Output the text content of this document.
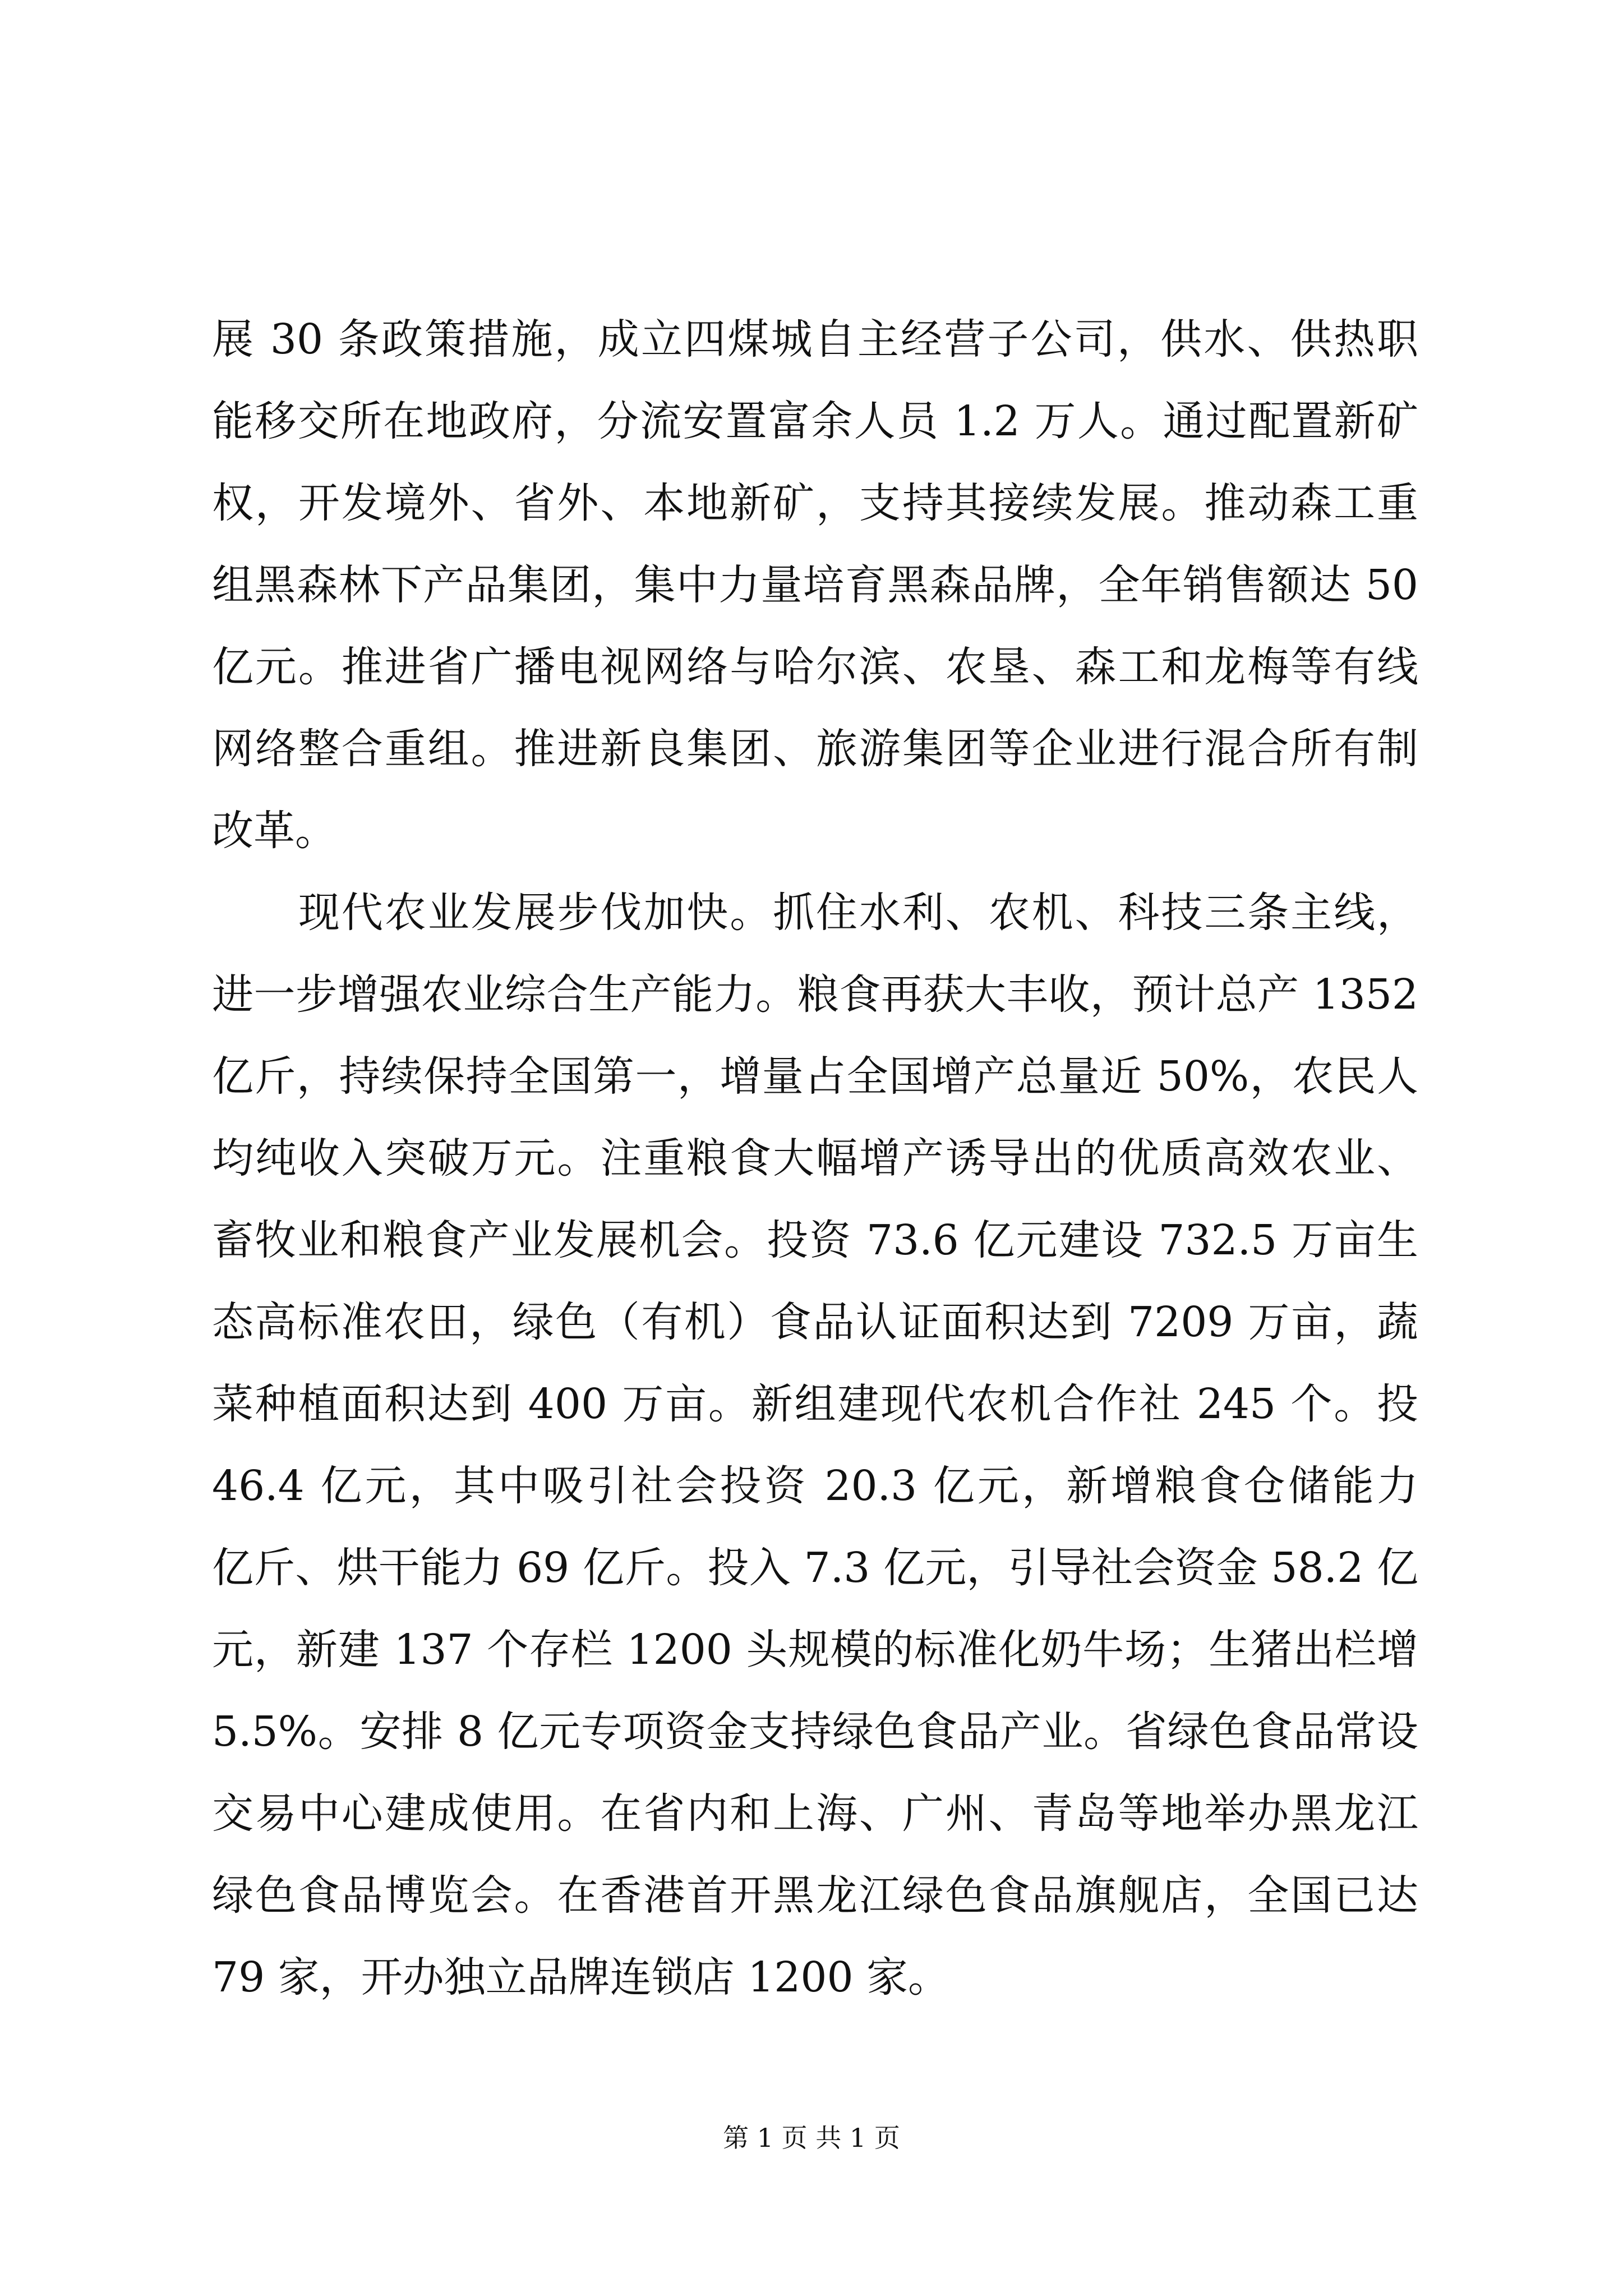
展 30 条政策措施，成立四煤城自主经营子公司，供水、供热职
能移交所在地政府，分流安置富余人员 1.2 万人。通过配置新矿
权，开发境外、省外、本地新矿，支持其接续发展。推动森工重
组黑森林下产品集团，集中力量培育黑森品牌，全年销售额达 50
亿元。推进省广播电视网络与哈尔滨、农垦、森工和龙梅等有线
网络整合重组。推进新良集团、旅游集团等企业进行混合所有制
改革。
现代农业发展步伐加快。抓住水利、农机、科技三条主线，
进一步增强农业综合生产能力。粮食再获大丰收，预计总产 1352
亿斤，持续保持全国第一，增量占全国增产总量近 50%，农民人
均纯收入突破万元。注重粮食大幅增产诱导出的优质高效农业、
畜牧业和粮食产业发展机会。投资 73.6 亿元建设 732.5 万亩生
态高标准农田，绿色（有机）食品认证面积达到 7209 万亩，蔬
菜种植面积达到 400 万亩。新组建现代农机合作社 245 个。投
46.4 亿元，其中吸引社会投资 20.3 亿元，新增粮食仓储能力
亿斤、烘干能力 69 亿斤。投入 7.3 亿元，引导社会资金 58.2 亿
元，新建 137 个存栏 1200 头规模的标准化奶牛场；生猪出栏增
5.5%。安排 8 亿元专项资金支持绿色食品产业。省绿色食品常设
交易中心建成使用。在省内和上海、广州、青岛等地举办黑龙江
绿色食品博览会。在香港首开黑龙江绿色食品旗舰店，全国已达
79 家，开办独立品牌连锁店 1200 家。
第 1 页 共 1 页
